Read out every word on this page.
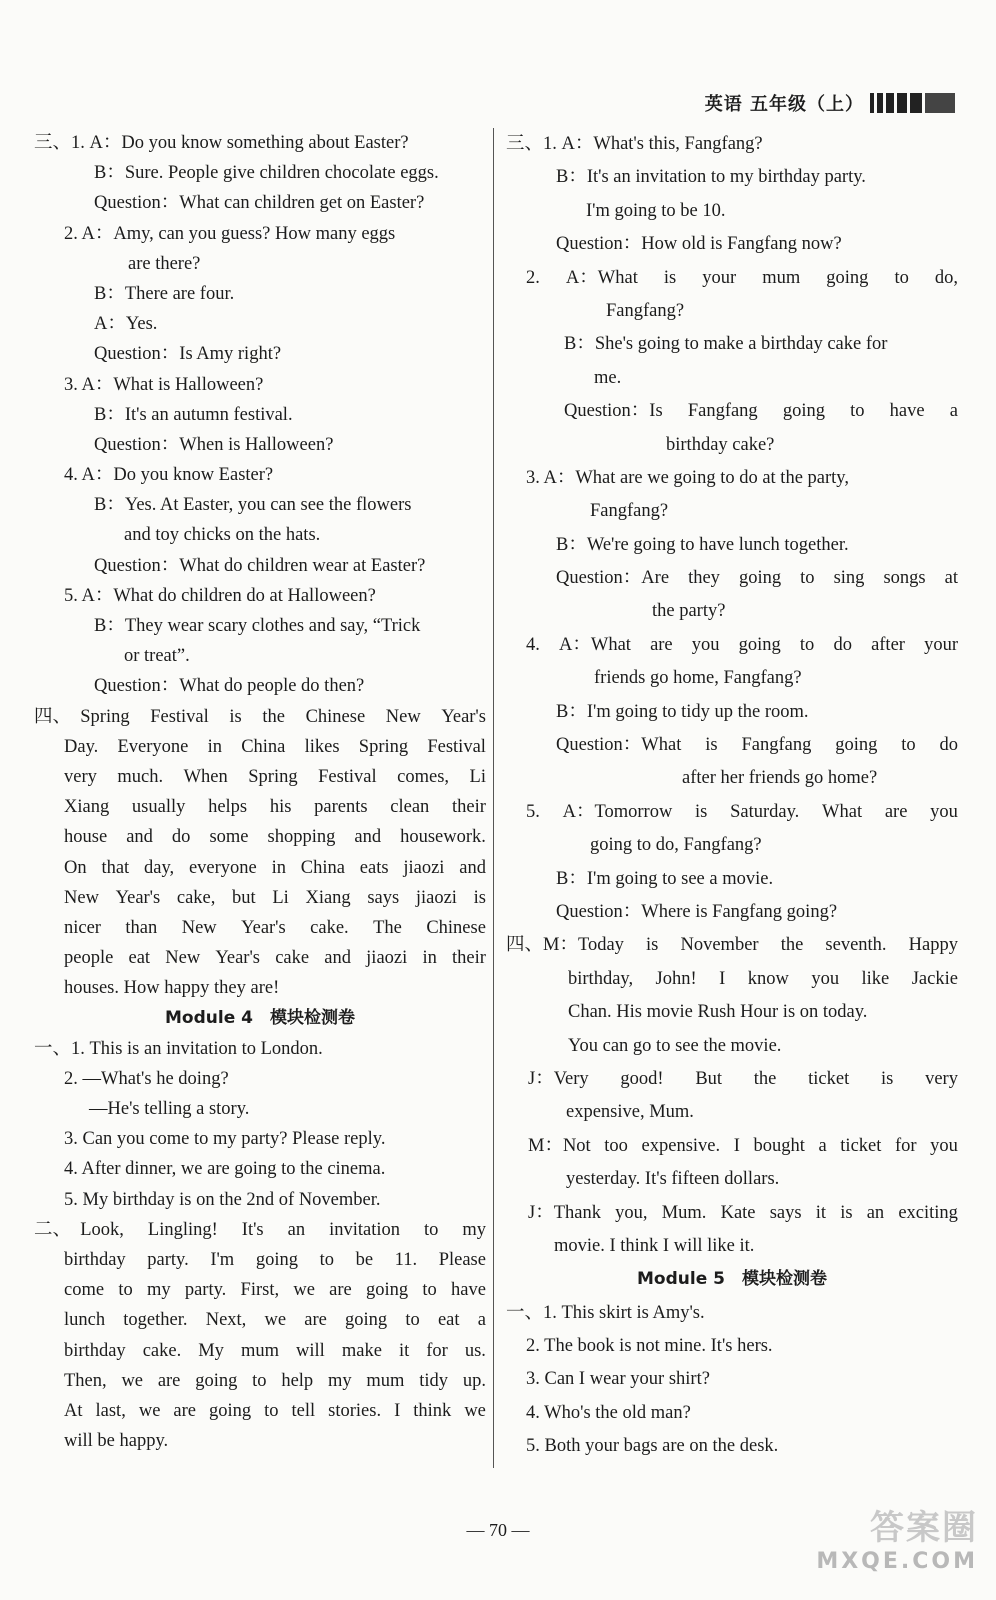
英语 五年级（上）
三、1. A：Do you know something about Easter?
B：Sure. People give children chocolate eggs.
Question：What can children get on Easter?
2. A：Amy, can you guess? How many eggs
are there?
B：There are four.
A：Yes.
Question：Is Amy right?
3. A：What is Halloween?
B：It's an autumn festival.
Question：When is Halloween?
4. A：Do you know Easter?
B：Yes. At Easter, you can see the flowers
and toy chicks on the hats.
Question：What do children wear at Easter?
5. A：What do children do at Halloween?
B：They wear scary clothes and say, “Trick
or treat”.
Question：What do people do then?
四、　Spring Festival is the Chinese New Year's
Day. Everyone in China likes Spring Festival
very much. When Spring Festival comes, Li
Xiang usually helps his parents clean their
house and do some shopping and housework.
On that day, everyone in China eats jiaozi and
New Year's cake, but Li Xiang says jiaozi is
nicer than New Year's cake. The Chinese
people eat New Year's cake and jiaozi in their
houses. How happy they are!
Module 4　模块检测卷
一、1. This is an invitation to London.
2. —What's he doing?
—He's telling a story.
3. Can you come to my party? Please reply.
4. After dinner, we are going to the cinema.
5. My birthday is on the 2nd of November.
二、　Look, Lingling! It's an invitation to my
birthday party. I'm going to be 11. Please
come to my party. First, we are going to have
lunch together. Next, we are going to eat a
birthday cake. My mum will make it for us.
Then, we are going to help my mum tidy up.
At last, we are going to tell stories. I think we
will be happy.
三、1. A：What's this, Fangfang?
B：It's an invitation to my birthday party.
I'm going to be 10.
Question：How old is Fangfang now?
2. A：What is your mum going to do,
Fangfang?
B：She's going to make a birthday cake for
me.
Question：Is Fangfang going to have a
birthday cake?
3. A：What are we going to do at the party,
Fangfang?
B：We're going to have lunch together.
Question：Are they going to sing songs at
the party?
4. A：What are you going to do after your
friends go home, Fangfang?
B：I'm going to tidy up the room.
Question：What is Fangfang going to do
after her friends go home?
5. A：Tomorrow is Saturday. What are you
going to do, Fangfang?
B：I'm going to see a movie.
Question：Where is Fangfang going?
四、M：Today is November the seventh. Happy
birthday, John! I know you like Jackie
Chan. His movie Rush Hour is on today.
You can go to see the movie.
J：Very good! But the ticket is very
expensive, Mum.
M：Not too expensive. I bought a ticket for you
yesterday. It's fifteen dollars.
J：Thank you, Mum. Kate says it is an exciting
movie. I think I will like it.
Module 5　模块检测卷
一、1. This skirt is Amy's.
2. The book is not mine. It's hers.
3. Can I wear your shirt?
4. Who's the old man?
5. Both your bags are on the desk.
— 70 —	答案圈
MXQE.COM
